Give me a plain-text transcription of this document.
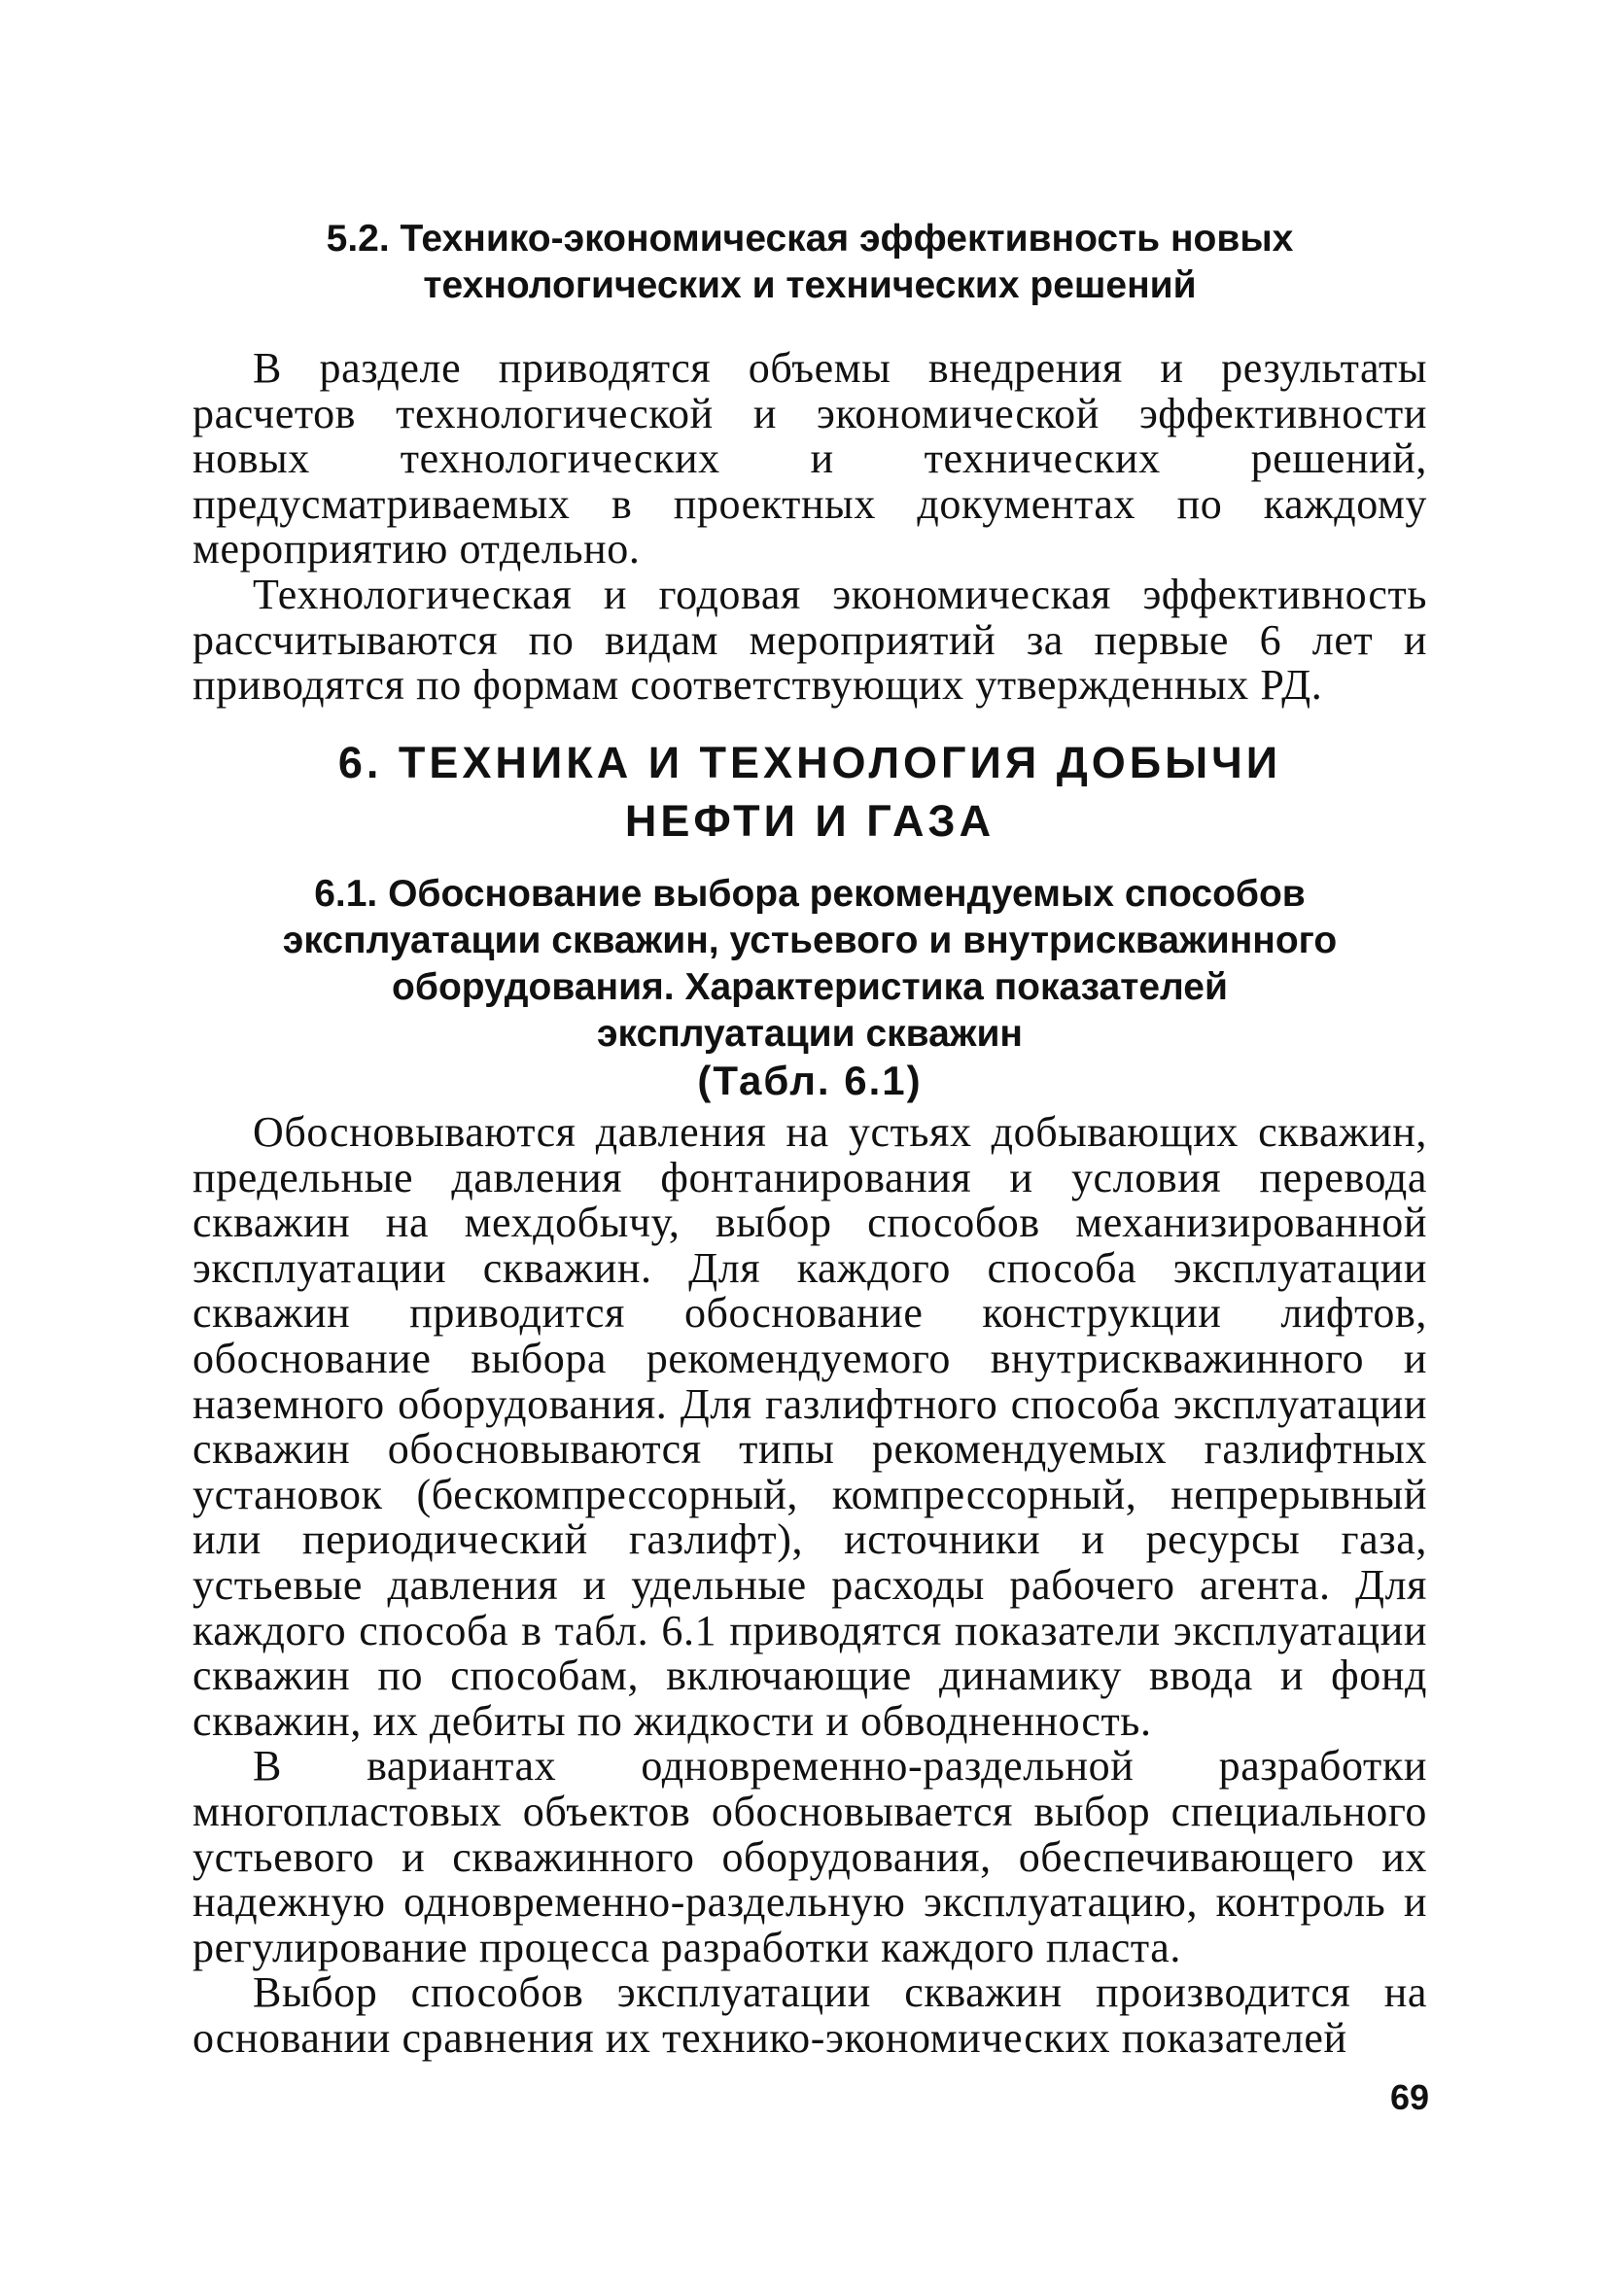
5.2. Технико-экономическая эффективность новых
технологических и технических решений

В разделе приводятся объемы внедрения и результаты расчетов технологической и экономической эффективности новых технологических и технических решений, предусматриваемых в проектных документах по каждому мероприятию отдельно.

Технологическая и годовая экономическая эффективность рассчитываются по видам мероприятий за первые 6 лет и приводятся по формам соответствующих утвержденных РД.

6. ТЕХНИКА И ТЕХНОЛОГИЯ ДОБЫЧИ
НЕФТИ И ГАЗА
6.1. Обоснование выбора рекомендуемых способов
эксплуатации скважин, устьевого и внутрискважинного
оборудования. Характеристика показателей
эксплуатации скважин
(Табл. 6.1)

Обосновываются давления на устьях добывающих скважин, предельные давления фонтанирования и условия перевода скважин на мехдобычу, выбор способов механизированной эксплуатации скважин. Для каждого способа эксплуатации скважин приводится обоснование конструкции лифтов, обоснование выбора рекомендуемого внутрискважинного и наземного оборудования. Для газлифтного способа эксплуатации скважин обосновываются типы рекомендуемых газлифтных установок (бескомпрессорный, компрессорный, непрерывный или периодический газлифт), источники и ресурсы газа, устьевые давления и удельные расходы рабочего агента. Для каждого способа в табл. 6.1 приводятся показатели эксплуатации скважин по способам, включающие динамику ввода и фонд скважин, их дебиты по жидкости и обводненность.

В вариантах одновременно-раздельной разработки многопластовых объектов обосновывается выбор специального устьевого и скважинного оборудования, обеспечивающего их надежную одновременно-раздельную эксплуатацию, контроль и регулирование процесса разработки каждого пласта.

Выбор способов эксплуатации скважин производится на основании сравнения их технико-экономических показателей

69
